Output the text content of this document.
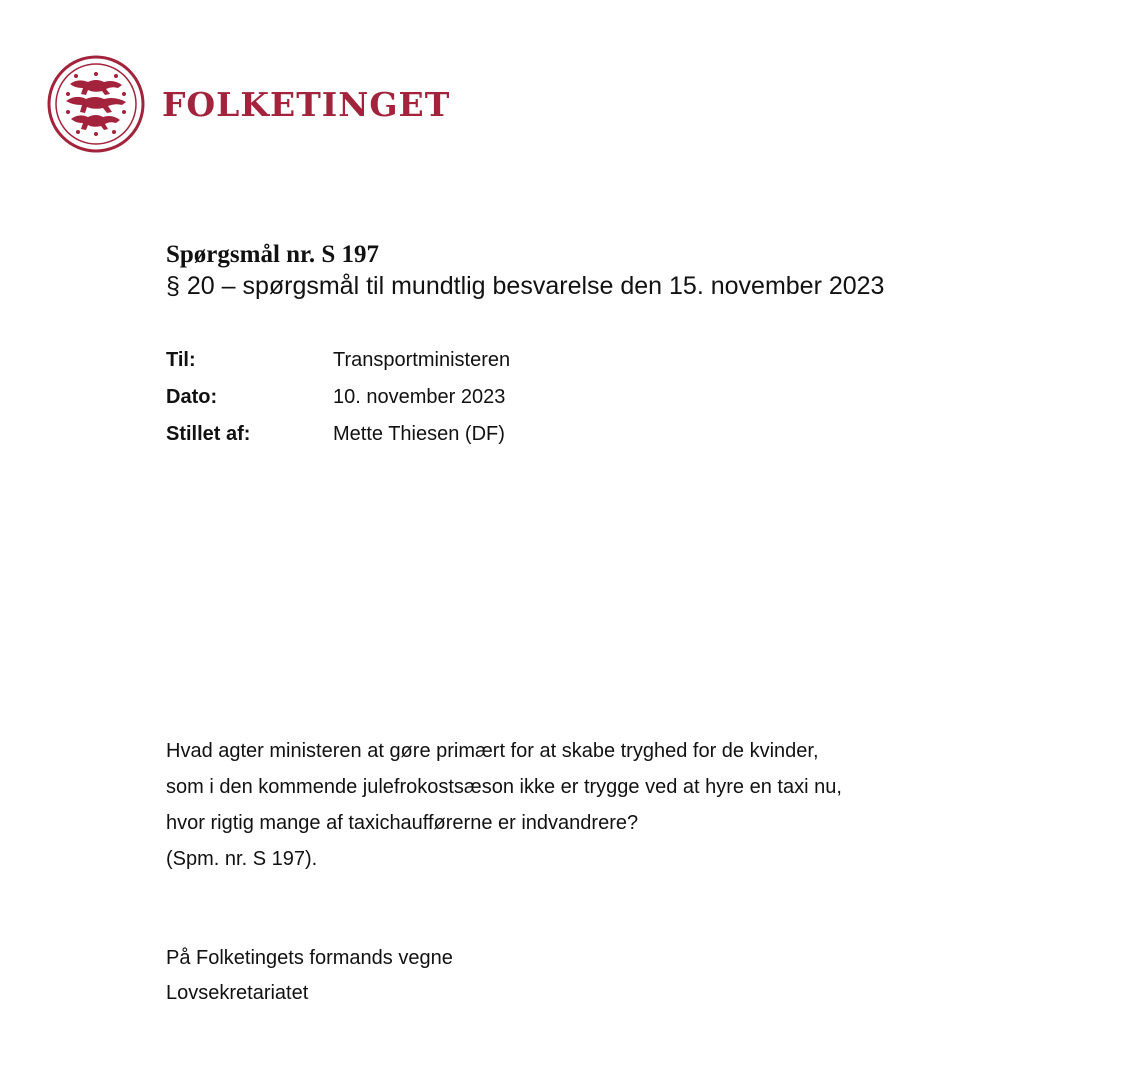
FOLKETINGET
Spørgsmål nr. S 197

§ 20 – spørgsmål til mundtlig besvarelse den 15. november 2023

Til:	Transportministeren
Dato:	10. november 2023
Stillet af:	Mette Thiesen (DF)

Hvad agter ministeren at gøre primært for at skabe tryghed for de kvinder,
som i den kommende julefrokostsæson ikke er trygge ved at hyre en taxi nu,
hvor rigtig mange af taxichaufførerne er indvandrere?
(Spm. nr. S 197).

På Folketingets formands vegne
Lovsekretariatet
